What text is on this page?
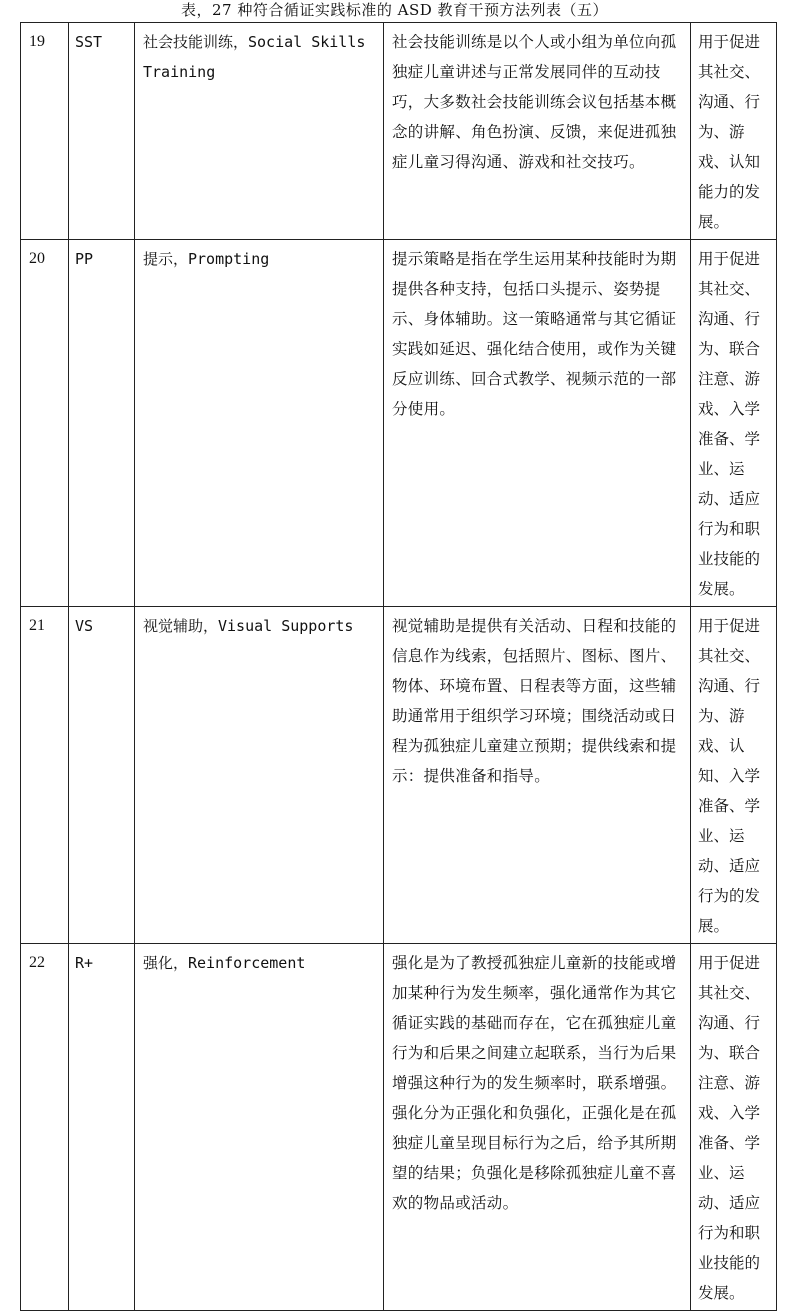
表，27 种符合循证实践标准的 ASD 教育干预方法列表（五）
19	SST	社会技能训练，Social Skills Training	社会技能训练是以个人或小组为单位向孤独症儿童讲述与正常发展同伴的互动技巧，大多数社会技能训练会议包括基本概念的讲解、角色扮演、反馈，来促进孤独症儿童习得沟通、游戏和社交技巧。	用于促进其社交、沟通、行为、游戏、认知能力的发展。
20	PP	提示，Prompting	提示策略是指在学生运用某种技能时为期提供各种支持，包括口头提示、姿势提示、身体辅助。这一策略通常与其它循证实践如延迟、强化结合使用，或作为关键反应训练、回合式教学、视频示范的一部分使用。	用于促进其社交、沟通、行为、联合注意、游戏、入学准备、学业、运动、适应行为和职业技能的发展。
21	VS	视觉辅助，Visual Supports	视觉辅助是提供有关活动、日程和技能的信息作为线索，包括照片、图标、图片、物体、环境布置、日程表等方面，这些辅助通常用于组织学习环境；围绕活动或日程为孤独症儿童建立预期；提供线索和提示：提供准备和指导。	用于促进其社交、沟通、行为、游戏、认知、入学准备、学业、运动、适应行为的发展。
22	R+	强化，Reinforcement	强化是为了教授孤独症儿童新的技能或增加某种行为发生频率，强化通常作为其它循证实践的基础而存在，它在孤独症儿童行为和后果之间建立起联系，当行为后果增强这种行为的发生频率时，联系增强。强化分为正强化和负强化，正强化是在孤独症儿童呈现目标行为之后，给予其所期望的结果；负强化是移除孤独症儿童不喜欢的物品或活动。	用于促进其社交、沟通、行为、联合注意、游戏、入学准备、学业、运动、适应行为和职业技能的发展。
